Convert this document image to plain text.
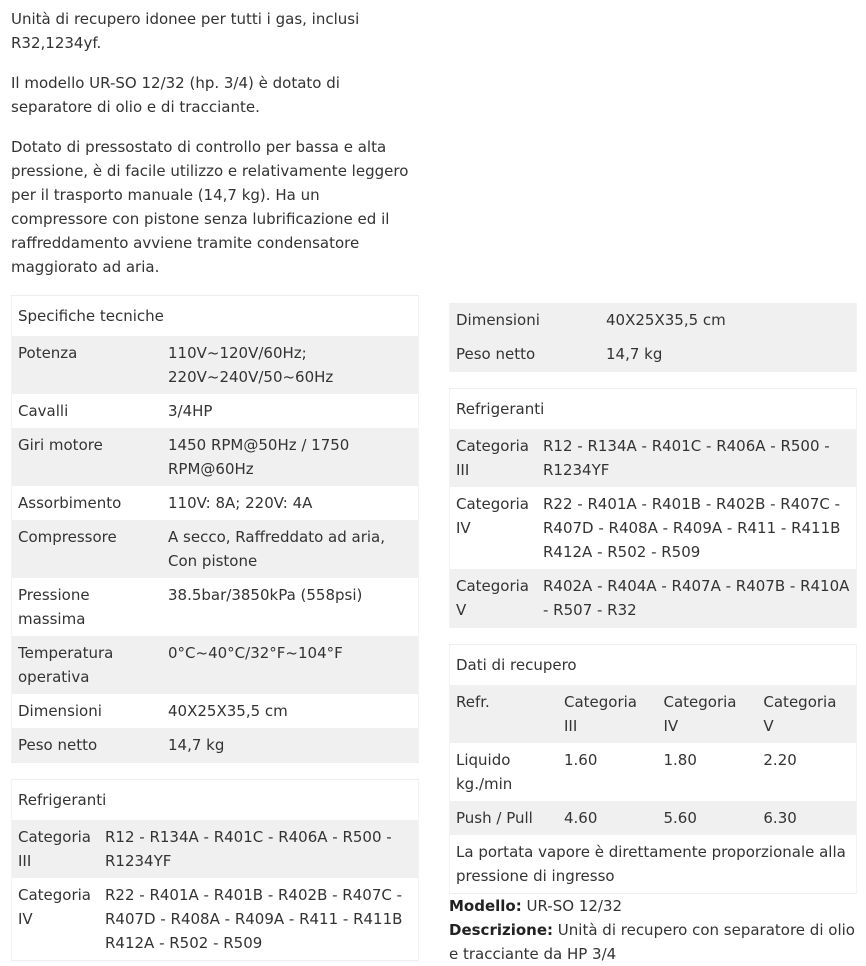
Unità di recupero idonee per tutti i gas, inclusi R32,1234yf.

Il modello UR-SO 12/32 (hp. 3/4) è dotato di separatore di olio e di tracciante.

Dotato di pressostato di controllo per bassa e alta pressione, è di facile utilizzo e relativamente leggero per il trasporto manuale (14,7 kg). Ha un compressore con pistone senza lubrificazione ed il raffreddamento avviene tramite condensatore maggiorato ad aria.

Specifiche tecniche	
Potenza	110V~120V/60Hz; 220V~240V/50~60Hz
Cavalli	3/4HP
Giri motore	1450 RPM@50Hz / 1750 RPM@60Hz
Assorbimento	110V: 8A; 220V: 4A
Compressore	A secco, Raffreddato ad aria, Con pistone
Pressione massima	38.5bar/3850kPa (558psi)
Temperatura operativa	0°C~40°C/32°F~104°F
Dimensioni	40X25X35,5 cm
Peso netto	14,7 kg
Refrigeranti	
Categoria III	R12 - R134A - R401C - R406A - R500 - R1234YF
Categoria IV	R22 - R401A - R401B - R402B - R407C - R407D - R408A - R409A - R411 - R411B R412A - R502 - R509
Dimensioni	40X25X35,5 cm
Peso netto	14,7 kg
Refrigeranti	
Categoria III	R12 - R134A - R401C - R406A - R500 - R1234YF
Categoria IV	R22 - R401A - R401B - R402B - R407C - R407D - R408A - R409A - R411 - R411B R412A - R502 - R509
Categoria V	R402A - R404A - R407A - R407B - R410A - R507 - R32
Dati di recupero			
Refr.	Categoria III	Categoria IV	Categoria V
Liquido kg./min	1.60	1.80	2.20
Push / Pull	4.60	5.60	6.30
La portata vapore è direttamente proporzionale alla pressione di ingresso			
Modello: UR-SO 12/32
Descrizione: Unità di recupero con separatore di olio e tracciante da HP 3/4
